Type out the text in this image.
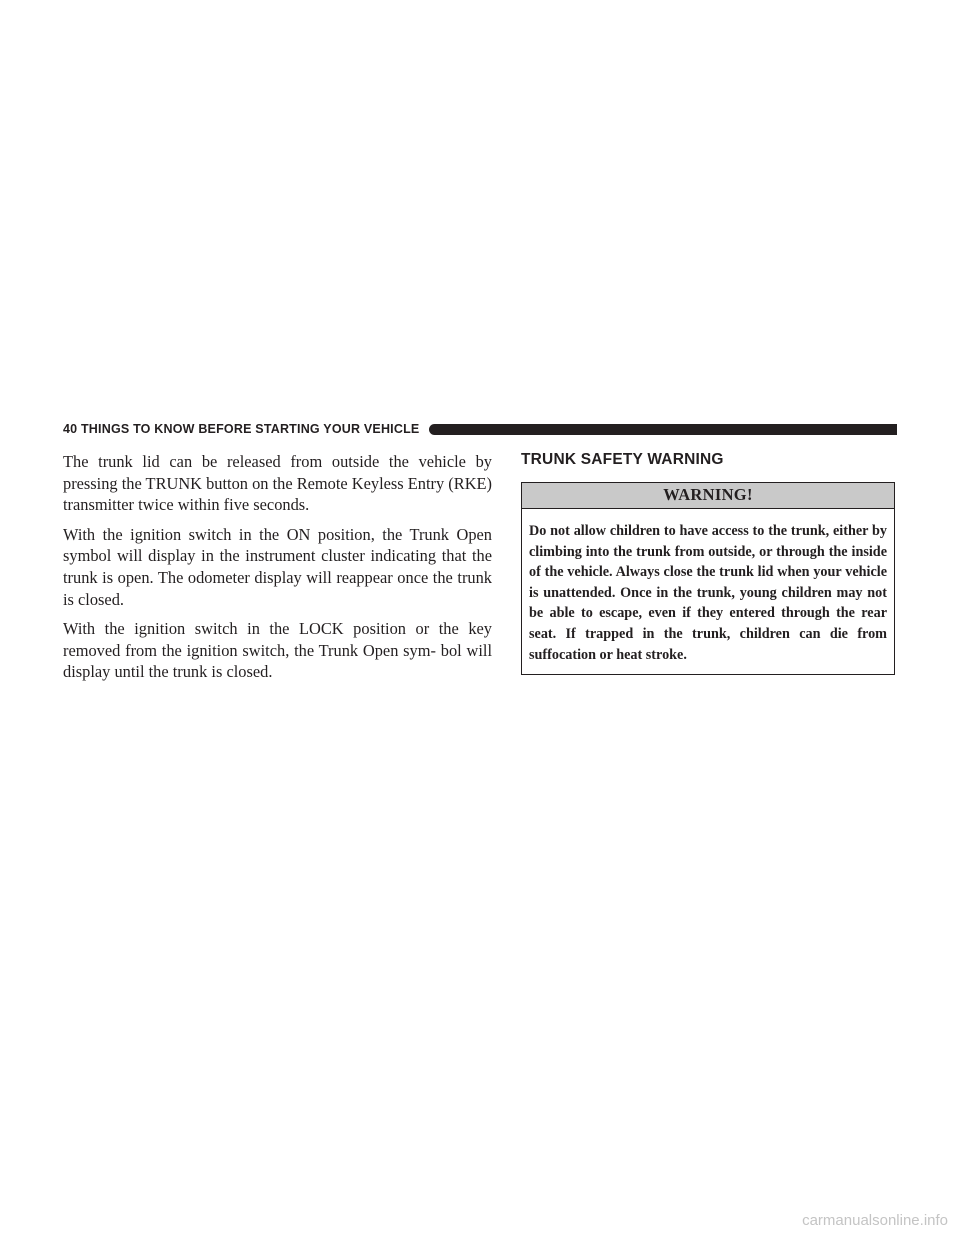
40 THINGS TO KNOW BEFORE STARTING YOUR VEHICLE

The trunk lid can be released from outside the vehicle by pressing the TRUNK button on the Remote Keyless Entry (RKE) transmitter twice within five seconds.

With the ignition switch in the ON position, the Trunk Open symbol will display in the instrument cluster indicating that the trunk is open. The odometer display will reappear once the trunk is closed.

With the ignition switch in the LOCK position or the key removed from the ignition switch, the Trunk Open sym- bol will display until the trunk is closed.

TRUNK SAFETY WARNING
WARNING!
Do not allow children to have access to the trunk, either by climbing into the trunk from outside, or through the inside of the vehicle. Always close the trunk lid when your vehicle is unattended. Once in the trunk, young children may not be able to escape, even if they entered through the rear seat. If trapped in the trunk, children can die from suffocation or heat stroke.
carmanualsonline.info
